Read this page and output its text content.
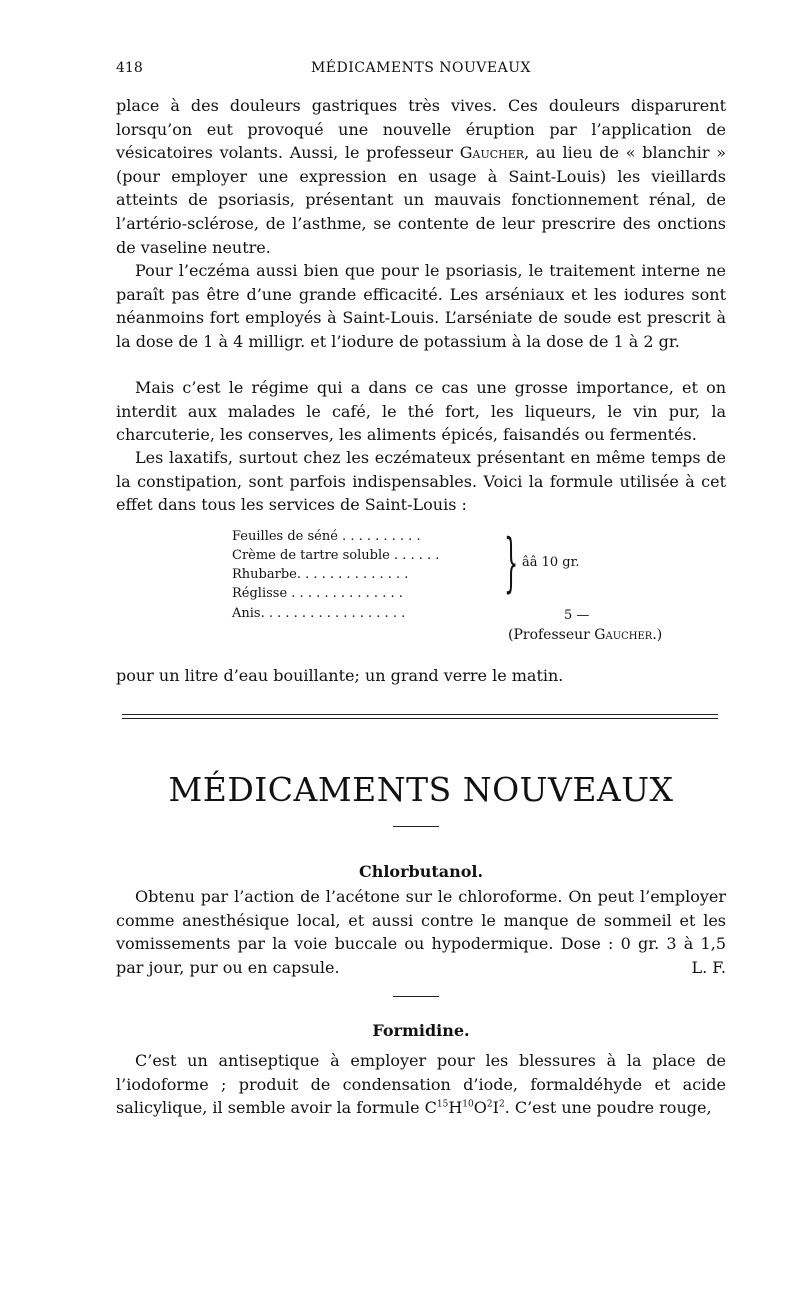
418	MÉDICAMENTS NOUVEAUX

place à des douleurs gastriques très vives. Ces douleurs disparurent lorsqu’on eut provoqué une nouvelle éruption par l’application de vésicatoires volants. Aussi, le professeur Gaucher, au lieu de « blanchir » (pour employer une expression en usage à Saint-Louis) les vieillards atteints de psoriasis, présentant un mauvais fonctionnement rénal, de l’artério-sclérose, de l’asthme, se contente de leur prescrire des onctions de vaseline neutre.

Pour l’eczéma aussi bien que pour le psoriasis, le traitement interne ne paraît pas être d’une grande efficacité. Les arséniaux et les iodures sont néanmoins fort employés à Saint-Louis. L’arséniate de soude est prescrit à la dose de 1 à 4 milligr. et l’iodure de potassium à la dose de 1 à 2 gr.

Mais c’est le régime qui a dans ce cas une grosse importance, et on interdit aux malades le café, le thé fort, les liqueurs, le vin pur, la charcuterie, les conserves, les aliments épicés, faisandés ou fermentés.

Les laxatifs, surtout chez les eczémateux présentant en même temps de la constipation, sont parfois indispensables. Voici la formule utilisée à cet effet dans tous les services de Saint-Louis :

Feuilles de séné . . . . . . . . . .
Crème de tartre soluble . . . . . .
Rhubarbe. . . . . . . . . . . . . .
Réglisse . . . . . . . . . . . . . .
Anis. . . . . . . . . . . . . . . . . .
} ââ 10 gr.
5 —
(Professeur Gaucher.)

pour un litre d’eau bouillante; un grand verre le matin.

MÉDICAMENTS NOUVEAUX
Chlorbutanol.

Obtenu par l’action de l’acétone sur le chloroforme. On peut l’employer comme anesthésique local, et aussi contre le manque de sommeil et les vomissements par la voie buccale ou hypodermique. Dose : 0 gr. 3 à 1,5 par jour, pur ou en capsule.	L. F.

Formidine.

C’est un antiseptique à employer pour les blessures à la place de l’iodoforme ; produit de condensation d’iode, formaldéhyde et acide salicylique, il semble avoir la formule $C^{15}H^{10}O^2I^2$. C’est une poudre rouge,
